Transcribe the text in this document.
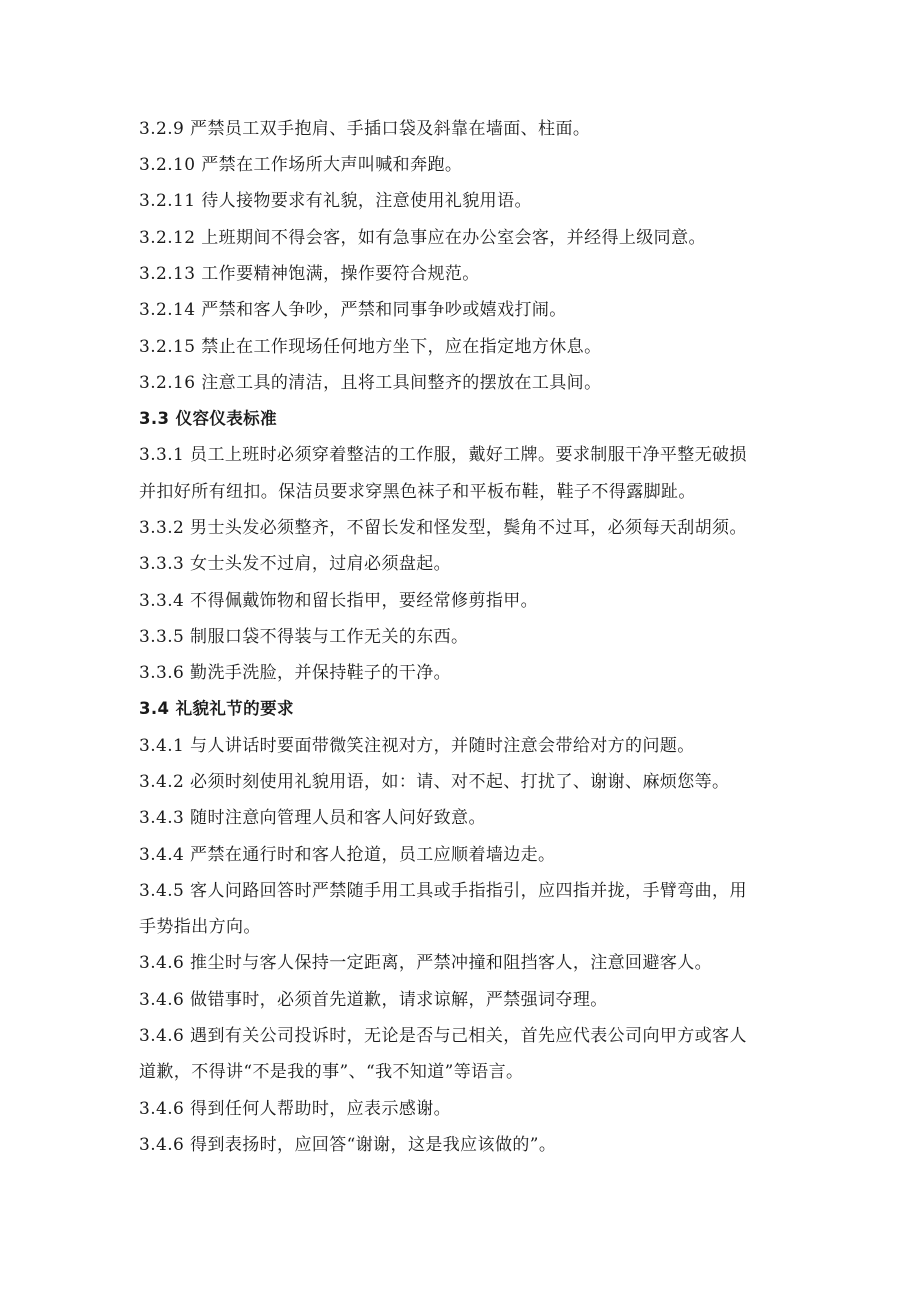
3.2.9 严禁员工双手抱肩、手插口袋及斜靠在墙面、柱面。
3.2.10 严禁在工作场所大声叫喊和奔跑。
3.2.11 待人接物要求有礼貌，注意使用礼貌用语。
3.2.12 上班期间不得会客，如有急事应在办公室会客，并经得上级同意。
3.2.13 工作要精神饱满，操作要符合规范。
3.2.14 严禁和客人争吵，严禁和同事争吵或嬉戏打闹。
3.2.15 禁止在工作现场任何地方坐下，应在指定地方休息。
3.2.16 注意工具的清洁，且将工具间整齐的摆放在工具间。
3.3 仪容仪表标准
3.3.1 员工上班时必须穿着整洁的工作服，戴好工牌。要求制服干净平整无破损
并扣好所有纽扣。保洁员要求穿黑色袜子和平板布鞋，鞋子不得露脚趾。
3.3.2 男士头发必须整齐，不留长发和怪发型，鬓角不过耳，必须每天刮胡须。
3.3.3 女士头发不过肩，过肩必须盘起。
3.3.4 不得佩戴饰物和留长指甲，要经常修剪指甲。
3.3.5 制服口袋不得装与工作无关的东西。
3.3.6 勤洗手洗脸，并保持鞋子的干净。
3.4 礼貌礼节的要求
3.4.1 与人讲话时要面带微笑注视对方，并随时注意会带给对方的问题。
3.4.2 必须时刻使用礼貌用语，如：请、对不起、打扰了、谢谢、麻烦您等。
3.4.3 随时注意向管理人员和客人问好致意。
3.4.4 严禁在通行时和客人抢道，员工应顺着墙边走。
3.4.5 客人问路回答时严禁随手用工具或手指指引，应四指并拢，手臂弯曲，用
手势指出方向。
3.4.6 推尘时与客人保持一定距离，严禁冲撞和阻挡客人，注意回避客人。
3.4.6 做错事时，必须首先道歉，请求谅解，严禁强词夺理。
3.4.6 遇到有关公司投诉时，无论是否与己相关，首先应代表公司向甲方或客人
道歉，不得讲“不是我的事”、“我不知道”等语言。
3.4.6 得到任何人帮助时，应表示感谢。
3.4.6 得到表扬时，应回答“谢谢，这是我应该做的”。
